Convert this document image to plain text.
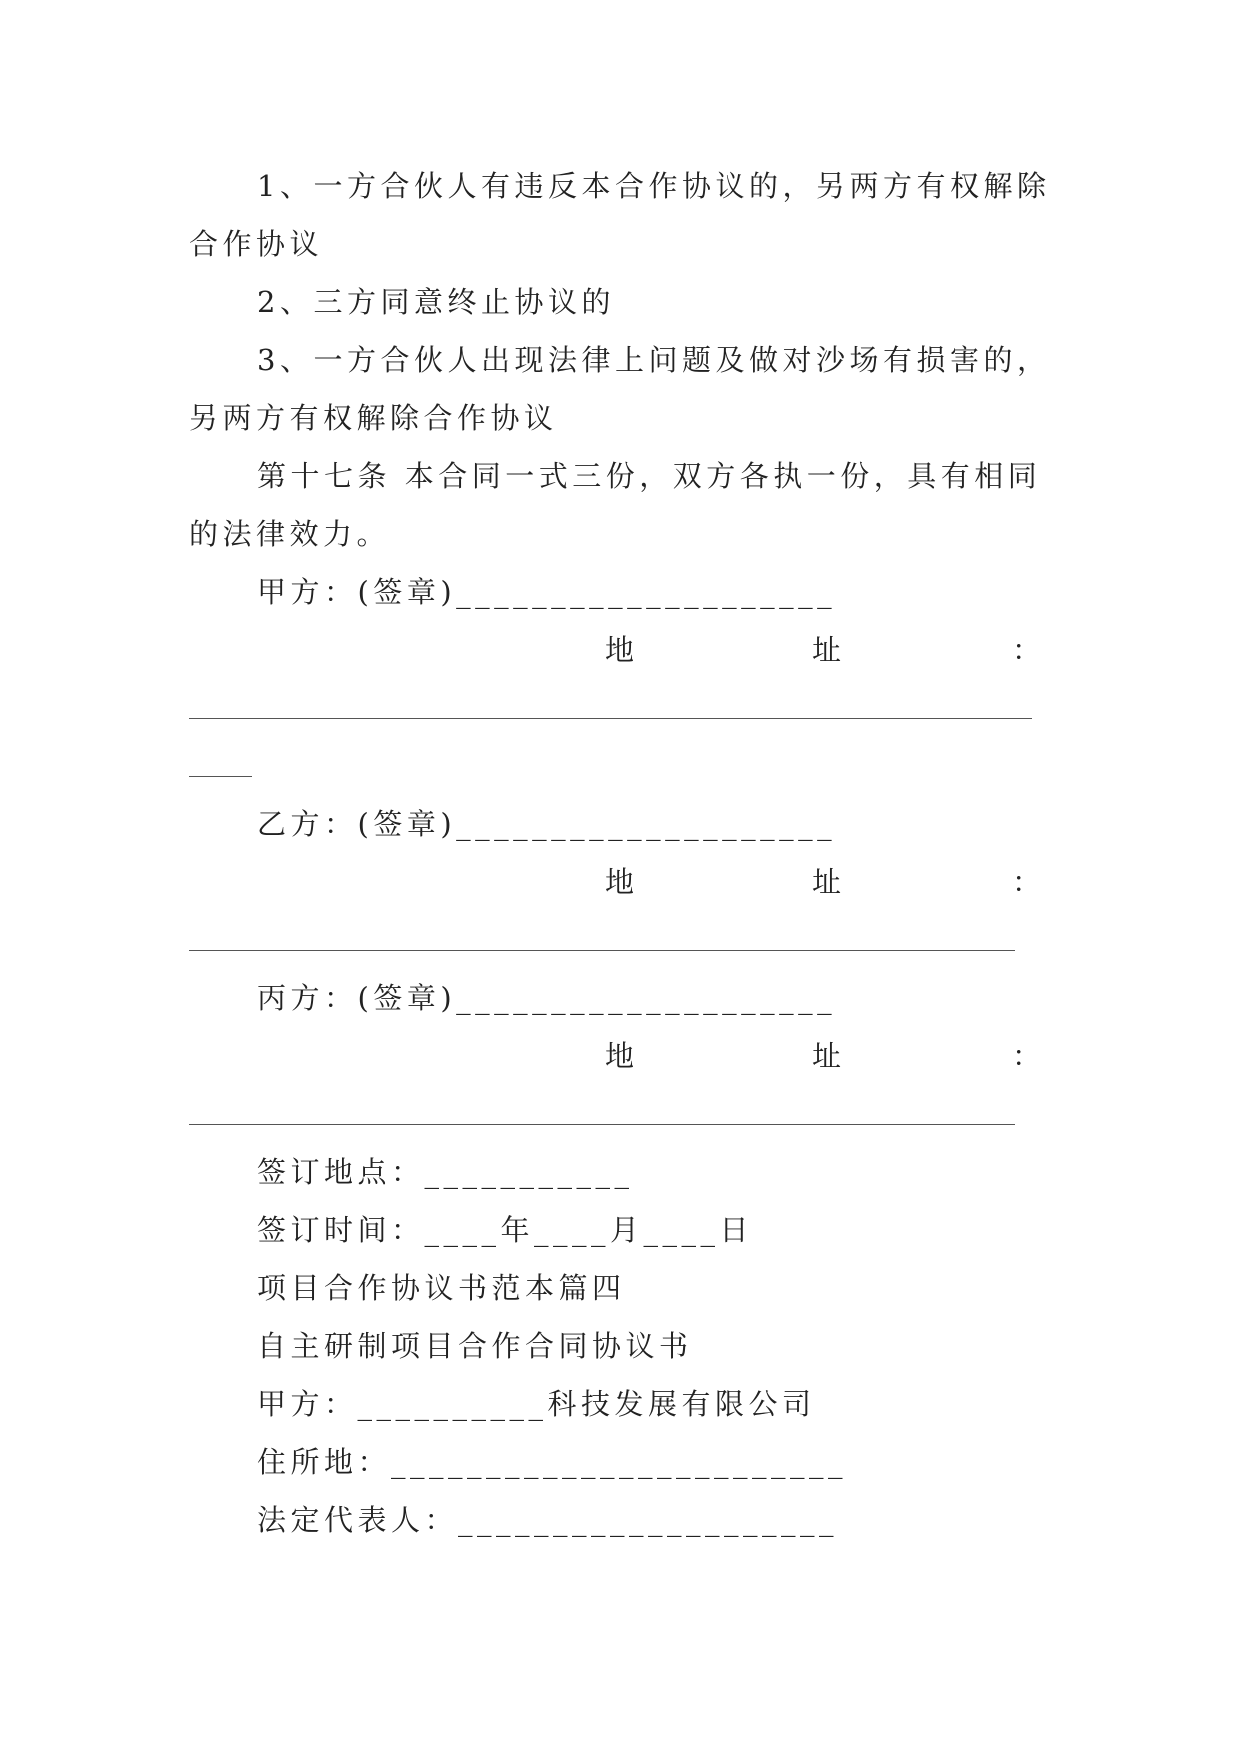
1、一方合伙人有违反本合作协议的，另两方有权解除

合作协议

2、三方同意终止协议的

3、一方合伙人出现法律上问题及做对沙场有损害的，

另两方有权解除合作协议

第十七条 本合同一式三份，双方各执一份，具有相同

的法律效力。

甲方：(签章)____________________

地	址	：

乙方：(签章)____________________

地	址	：

丙方：(签章)____________________

地	址	：

签订地点：___________

签订时间：____年____月____日

项目合作协议书范本篇四

自主研制项目合作合同协议书

甲方：__________科技发展有限公司

住所地：________________________

法定代表人：____________________
